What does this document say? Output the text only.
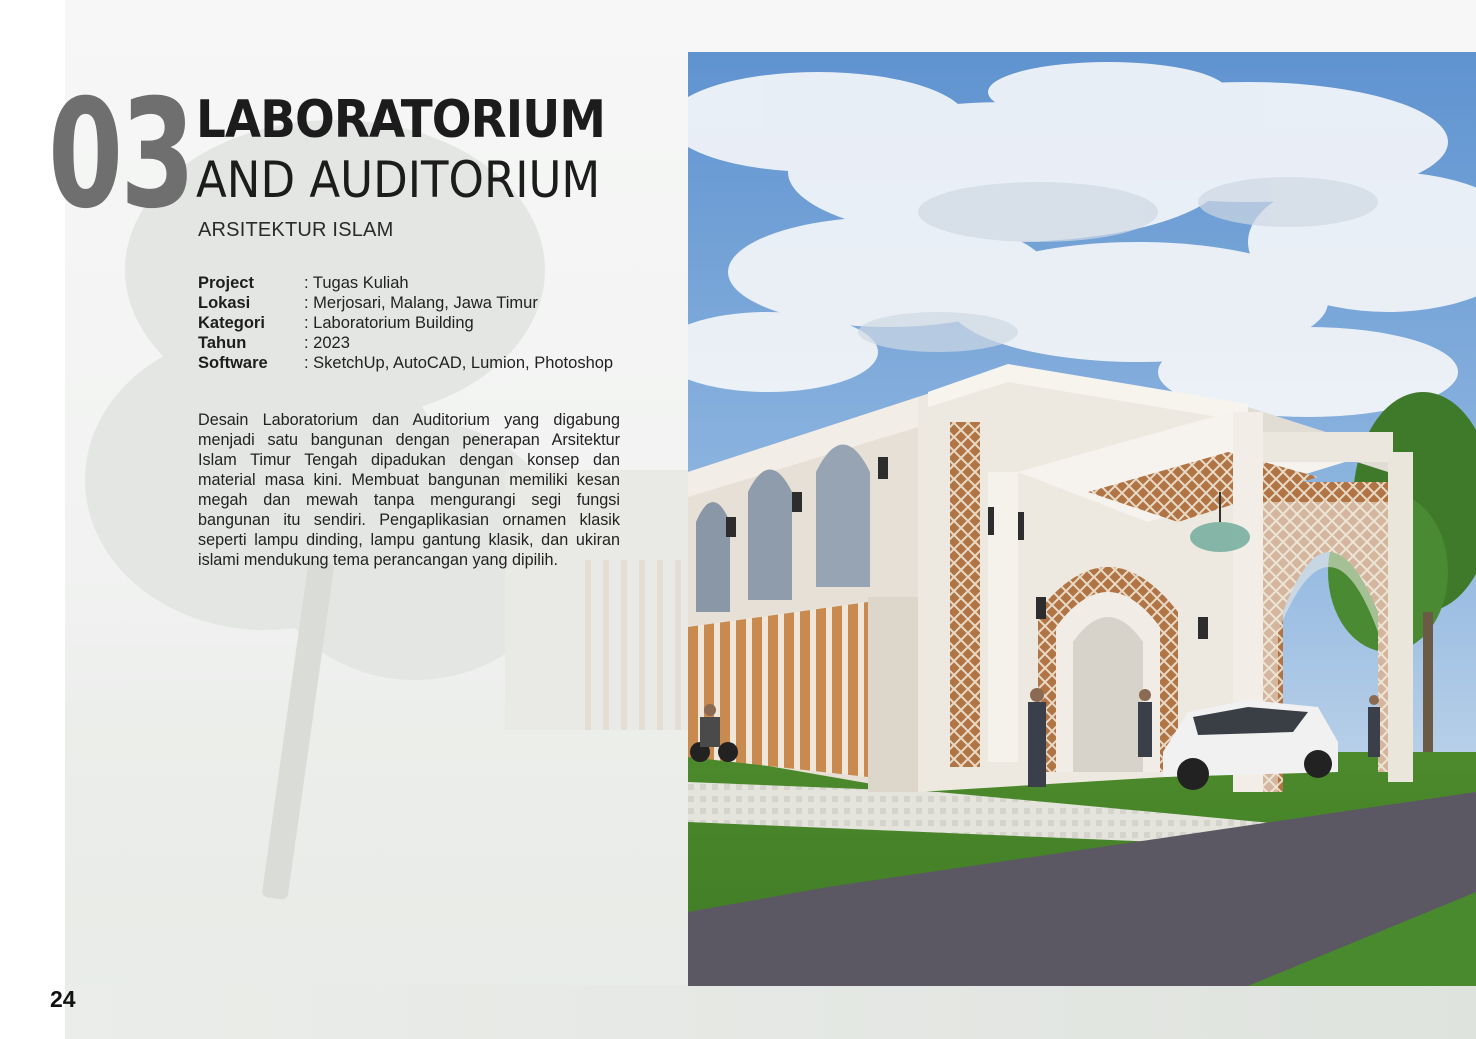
03 LABORATORIUM
AND AUDITORIUM
ARSITEKTUR ISLAM
Project	: Tugas Kuliah
Lokasi	: Merjosari, Malang, Jawa Timur
Kategori	: Laboratorium Building
Tahun	: 2023
Software	: SketchUp, AutoCAD, Lumion, Photoshop

Desain Laboratorium dan Auditorium yang digabung menjadi satu bangunan dengan penerapan Arsitektur Islam Timur Tengah dipadukan dengan konsep dan material masa kini. Membuat bangunan memiliki kesan megah dan mewah tanpa mengurangi segi fungsi bangunan itu sendiri. Pengaplikasian ornamen klasik seperti lampu dinding, lampu gantung klasik, dan ukiran islami mendukung tema perancangan yang dipilih.

24
